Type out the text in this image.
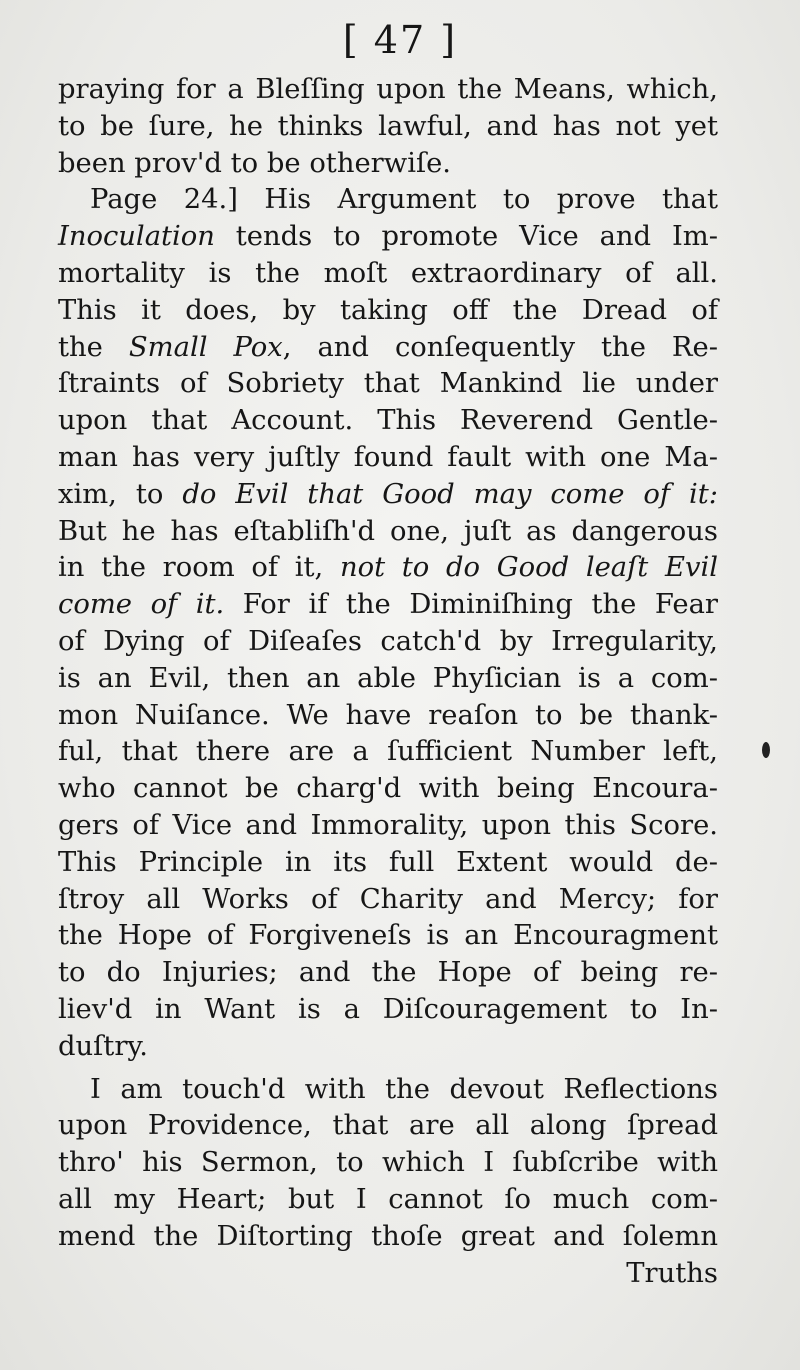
[ 47 ]
praying for a Bleſſing upon the Means, which,
to be ſure, he thinks lawful, and has not yet
been prov'd to be otherwiſe.
Page 24.] His Argument to prove that
Inoculation tends to promote Vice and Im-
mortality is the moſt extraordinary of all.
This it does, by taking off the Dread of
the Small Pox, and conſequently the Re-
ſtraints of Sobriety that Mankind lie under
upon that Account. This Reverend Gentle-
man has very juſtly found fault with one Ma-
xim, to do Evil that Good may come of it:
But he has eſtabliſh'd one, juſt as dangerous
in the room of it, not to do Good leaſt Evil
come of it. For if the Diminiſhing the Fear
of Dying of Diſeaſes catch'd by Irregularity,
is an Evil, then an able Phyſician is a com-
mon Nuiſance. We have reaſon to be thank-
ful, that there are a ſufficient Number left,
who cannot be charg'd with being Encoura-
gers of Vice and Immorality, upon this Score.
This Principle in its full Extent would de-
ſtroy all Works of Charity and Mercy; for
the Hope of Forgiveneſs is an Encouragment
to do Injuries; and the Hope of being re-
liev'd in Want is a Diſcouragement to In-
duſtry.
I am touch'd with the devout Reflections
upon Providence, that are all along ſpread
thro' his Sermon, to which I ſubſcribe with
all my Heart; but I cannot ſo much com-
mend the Diſtorting thoſe great and ſolemn
Truths
